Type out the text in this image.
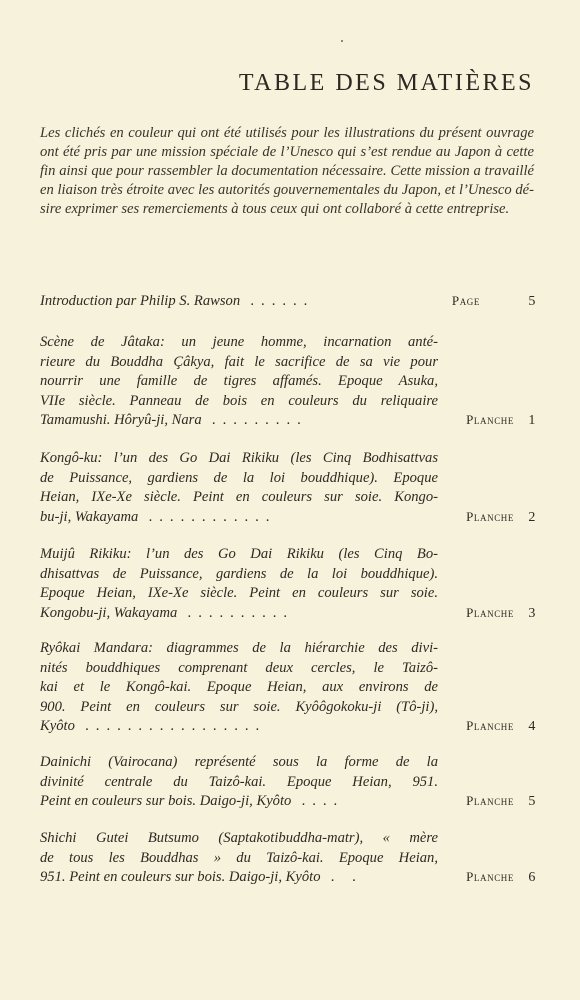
TABLE DES MATIÈRES

Les clichés en couleur qui ont été utilisés pour les illustrations du présent ouvrage ont été pris par une mission spéciale de l’Unesco qui s’est rendue au Japon à cette fin ainsi que pour rassembler la documentation nécessaire. Cette mission a travaillé en liaison très étroite avec les autorités gouvernementales du Japon, et l’Unesco désire exprimer ses remerciements à tous ceux qui ont collaboré à cette entreprise.

Introduction par Philip S. Rawson ......	Page	5
Scène de Jâtaka: un jeune homme, incarnation anté-
rieure du Bouddha Çâkya, fait le sacrifice de sa vie pour
nourrir une famille de tigres affamés. Epoque Asuka,
VIIe siècle. Panneau de bois en couleurs du reliquaire
Tamamushi. Hôryû-ji, Nara .........	Planche	1
Kongô-ku: l’un des Go Dai Rikiku (les Cinq Bodhisattvas
de Puissance, gardiens de la loi bouddhique). Epoque
Heian, IXe-Xe siècle. Peint en couleurs sur soie. Kongo-
bu-ji, Wakayama ............	Planche	2
Muijû Rikiku: l’un des Go Dai Rikiku (les Cinq Bo-
dhisattvas de Puissance, gardiens de la loi bouddhique).
Epoque Heian, IXe-Xe siècle. Peint en couleurs sur soie.
Kongobu-ji, Wakayama ..........	Planche	3
Ryôkai Mandara: diagrammes de la hiérarchie des divi-
nités bouddhiques comprenant deux cercles, le Taizô-
kai et le Kongô-kai. Epoque Heian, aux environs de
900. Peint en couleurs sur soie. Kyôôgokoku-ji (Tô-ji),
Kyôto .................	Planche	4
Dainichi (Vairocana) représenté sous la forme de la
divinité centrale du Taizô-kai. Epoque Heian, 951.
Peint en couleurs sur bois. Daigo-ji, Kyôto ....	Planche	5
Shichi Gutei Butsumo (Saptakotibuddha-matr), « mère
de tous les Bouddhas » du Taizô-kai. Epoque Heian,
951. Peint en couleurs sur bois. Daigo-ji, Kyôto . .	Planche	6
